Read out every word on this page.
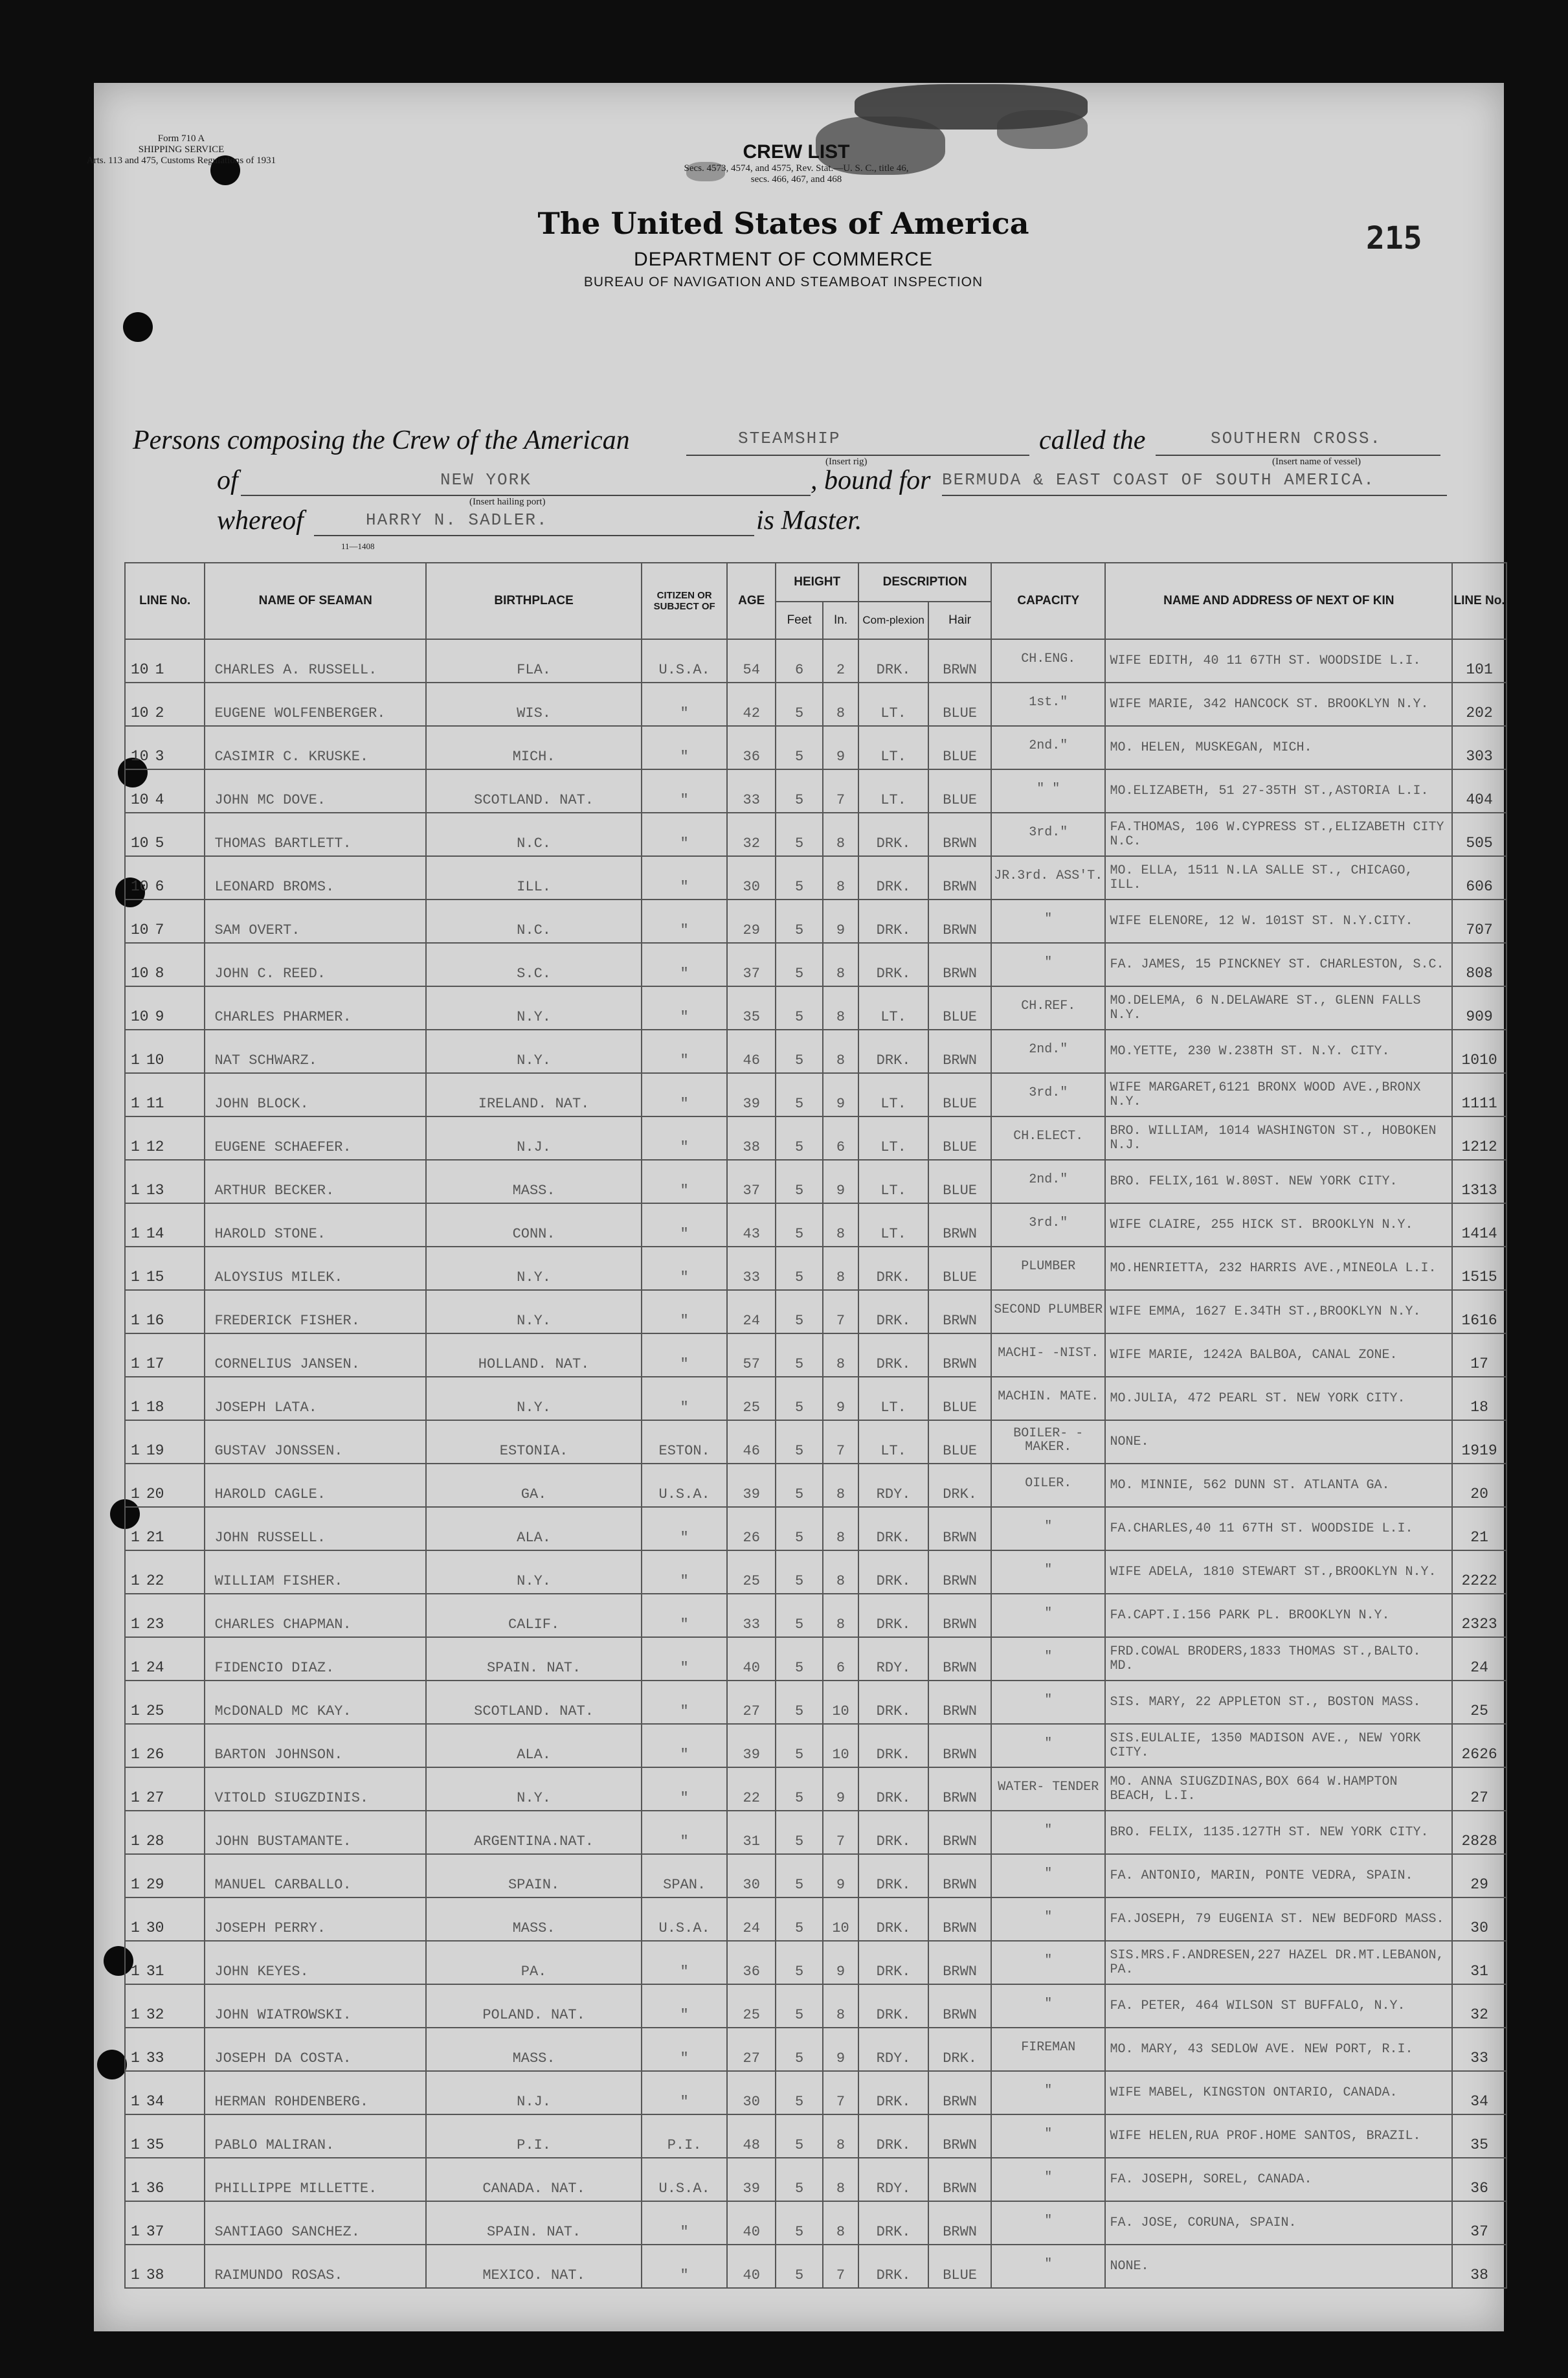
Form 710 A
SHIPPING SERVICE
Arts. 113 and 475, Customs Regulations of 1931	CREW LIST
Secs. 4573, 4574, and 4575, Rev. Stat.—U. S. C., title 46,
secs. 466, 467, and 468
The United States of America
DEPARTMENT OF COMMERCE
BUREAU OF NAVIGATION AND STEAMBOAT INSPECTION
215
Persons composing the Crew of the American	STEAMSHIP
(Insert rig)
called the	SOUTHERN CROSS.
(Insert name of vessel)
of	NEW YORK
(Insert hailing port)
, bound for BERMUDA & EAST COAST OF SOUTH AMERICA.
whereof	HARRY N. SADLER.	is Master.
11—1408
LINE No.	NAME OF SEAMAN	BIRTHPLACE	CITIZEN OR SUBJECT OF	AGE	HEIGHT		DESCRIPTION		CAPACITY	NAME AND ADDRESS OF NEXT OF KIN	LINE No.
					Feet	In.	Com-plexion	Hair			
10 1	CHARLES A. RUSSELL.	FLA.	U.S.A.	54	6	2	DRK.	BRWN	CH.ENG.	WIFE EDITH, 40 11 67TH ST. WOODSIDE L.I.	101
10 2	EUGENE WOLFENBERGER.	WIS.	"	42	5	8	LT.	BLUE	1st."	WIFE MARIE, 342 HANCOCK ST. BROOKLYN N.Y.	202
10 3	CASIMIR C. KRUSKE.	MICH.	"	36	5	9	LT.	BLUE	2nd."	MO. HELEN, MUSKEGAN, MICH.	303
10 4	JOHN MC DOVE.	SCOTLAND. NAT.	"	33	5	7	LT.	BLUE	" "	MO.ELIZABETH, 51 27-35TH ST.,ASTORIA L.I.	404
10 5	THOMAS BARTLETT.	N.C.	"	32	5	8	DRK.	BRWN	3rd."	FA.THOMAS, 106 W.CYPRESS ST.,ELIZABETH CITY N.C.	505
10 6	LEONARD BROMS.	ILL.	"	30	5	8	DRK.	BRWN	JR.3rd. ASS'T.	MO. ELLA, 1511 N.LA SALLE ST., CHICAGO, ILL.	606
10 7	SAM OVERT.	N.C.	"	29	5	9	DRK.	BRWN	"	WIFE ELENORE, 12 W. 101ST ST. N.Y.CITY.	707
10 8	JOHN C. REED.	S.C.	"	37	5	8	DRK.	BRWN	"	FA. JAMES, 15 PINCKNEY ST. CHARLESTON, S.C.	808
10 9	CHARLES PHARMER.	N.Y.	"	35	5	8	LT.	BLUE	CH.REF.	MO.DELEMA, 6 N.DELAWARE ST., GLENN FALLS N.Y.	909
1 10	NAT SCHWARZ.	N.Y.	"	46	5	8	DRK.	BRWN	2nd."	MO.YETTE, 230 W.238TH ST. N.Y. CITY.	1010
1 11	JOHN BLOCK.	IRELAND. NAT.	"	39	5	9	LT.	BLUE	3rd."	WIFE MARGARET,6121 BRONX WOOD AVE.,BRONX N.Y.	1111
1 12	EUGENE SCHAEFER.	N.J.	"	38	5	6	LT.	BLUE	CH.ELECT.	BRO. WILLIAM, 1014 WASHINGTON ST., HOBOKEN N.J.	1212
1 13	ARTHUR BECKER.	MASS.	"	37	5	9	LT.	BLUE	2nd."	BRO. FELIX,161 W.80ST. NEW YORK CITY.	1313
1 14	HAROLD STONE.	CONN.	"	43	5	8	LT.	BRWN	3rd."	WIFE CLAIRE, 255 HICK ST. BROOKLYN N.Y.	1414
1 15	ALOYSIUS MILEK.	N.Y.	"	33	5	8	DRK.	BLUE	PLUMBER	MO.HENRIETTA, 232 HARRIS AVE.,MINEOLA L.I.	1515
1 16	FREDERICK FISHER.	N.Y.	"	24	5	7	DRK.	BRWN	SECOND PLUMBER	WIFE EMMA, 1627 E.34TH ST.,BROOKLYN N.Y.	1616
1 17	CORNELIUS JANSEN.	HOLLAND. NAT.	"	57	5	8	DRK.	BRWN	MACHI- -NIST.	WIFE MARIE, 1242A BALBOA, CANAL ZONE.	17
1 18	JOSEPH LATA.	N.Y.	"	25	5	9	LT.	BLUE	MACHIN. MATE.	MO.JULIA, 472 PEARL ST. NEW YORK CITY.	18
1 19	GUSTAV JONSSEN.	ESTONIA.	ESTON.	46	5	7	LT.	BLUE	BOILER- -MAKER.	NONE.	1919
1 20	HAROLD CAGLE.	GA.	U.S.A.	39	5	8	RDY.	DRK.	OILER.	MO. MINNIE, 562 DUNN ST. ATLANTA GA.	20
1 21	JOHN RUSSELL.	ALA.	"	26	5	8	DRK.	BRWN	"	FA.CHARLES,40 11 67TH ST. WOODSIDE L.I.	21
1 22	WILLIAM FISHER.	N.Y.	"	25	5	8	DRK.	BRWN	"	WIFE ADELA, 1810 STEWART ST.,BROOKLYN N.Y.	2222
1 23	CHARLES CHAPMAN.	CALIF.	"	33	5	8	DRK.	BRWN	"	FA.CAPT.I.156 PARK PL. BROOKLYN N.Y.	2323
1 24	FIDENCIO DIAZ.	SPAIN. NAT.	"	40	5	6	RDY.	BRWN	"	FRD.COWAL BRODERS,1833 THOMAS ST.,BALTO. MD.	24
1 25	McDONALD MC KAY.	SCOTLAND. NAT.	"	27	5	10	DRK.	BRWN	"	SIS. MARY, 22 APPLETON ST., BOSTON MASS.	25
1 26	BARTON JOHNSON.	ALA.	"	39	5	10	DRK.	BRWN	"	SIS.EULALIE, 1350 MADISON AVE., NEW YORK CITY.	2626
1 27	VITOLD SIUGZDINIS.	N.Y.	"	22	5	9	DRK.	BRWN	WATER- TENDER	MO. ANNA SIUGZDINAS,BOX 664 W.HAMPTON BEACH, L.I.	27
1 28	JOHN BUSTAMANTE.	ARGENTINA.NAT.	"	31	5	7	DRK.	BRWN	"	BRO. FELIX, 1135.127TH ST. NEW YORK CITY.	2828
1 29	MANUEL CARBALLO.	SPAIN.	SPAN.	30	5	9	DRK.	BRWN	"	FA. ANTONIO, MARIN, PONTE VEDRA, SPAIN.	29
1 30	JOSEPH PERRY.	MASS.	U.S.A.	24	5	10	DRK.	BRWN	"	FA.JOSEPH, 79 EUGENIA ST. NEW BEDFORD MASS.	30
1 31	JOHN KEYES.	PA.	"	36	5	9	DRK.	BRWN	"	SIS.MRS.F.ANDRESEN,227 HAZEL DR.MT.LEBANON, PA.	31
1 32	JOHN WIATROWSKI.	POLAND. NAT.	"	25	5	8	DRK.	BRWN	"	FA. PETER, 464 WILSON ST BUFFALO, N.Y.	32
1 33	JOSEPH DA COSTA.	MASS.	"	27	5	9	RDY.	DRK.	FIREMAN	MO. MARY, 43 SEDLOW AVE. NEW PORT, R.I.	33
1 34	HERMAN ROHDENBERG.	N.J.	"	30	5	7	DRK.	BRWN	"	WIFE MABEL, KINGSTON ONTARIO, CANADA.	34
1 35	PABLO MALIRAN.	P.I.	P.I.	48	5	8	DRK.	BRWN	"	WIFE HELEN,RUA PROF.HOME SANTOS, BRAZIL.	35
1 36	PHILLIPPE MILLETTE.	CANADA. NAT.	U.S.A.	39	5	8	RDY.	BRWN	"	FA. JOSEPH, SOREL, CANADA.	36
1 37	SANTIAGO SANCHEZ.	SPAIN. NAT.	"	40	5	8	DRK.	BRWN	"	FA. JOSE, CORUNA, SPAIN.	37
1 38	RAIMUNDO ROSAS.	MEXICO. NAT.	"	40	5	7	DRK.	BLUE	"	NONE.	38
